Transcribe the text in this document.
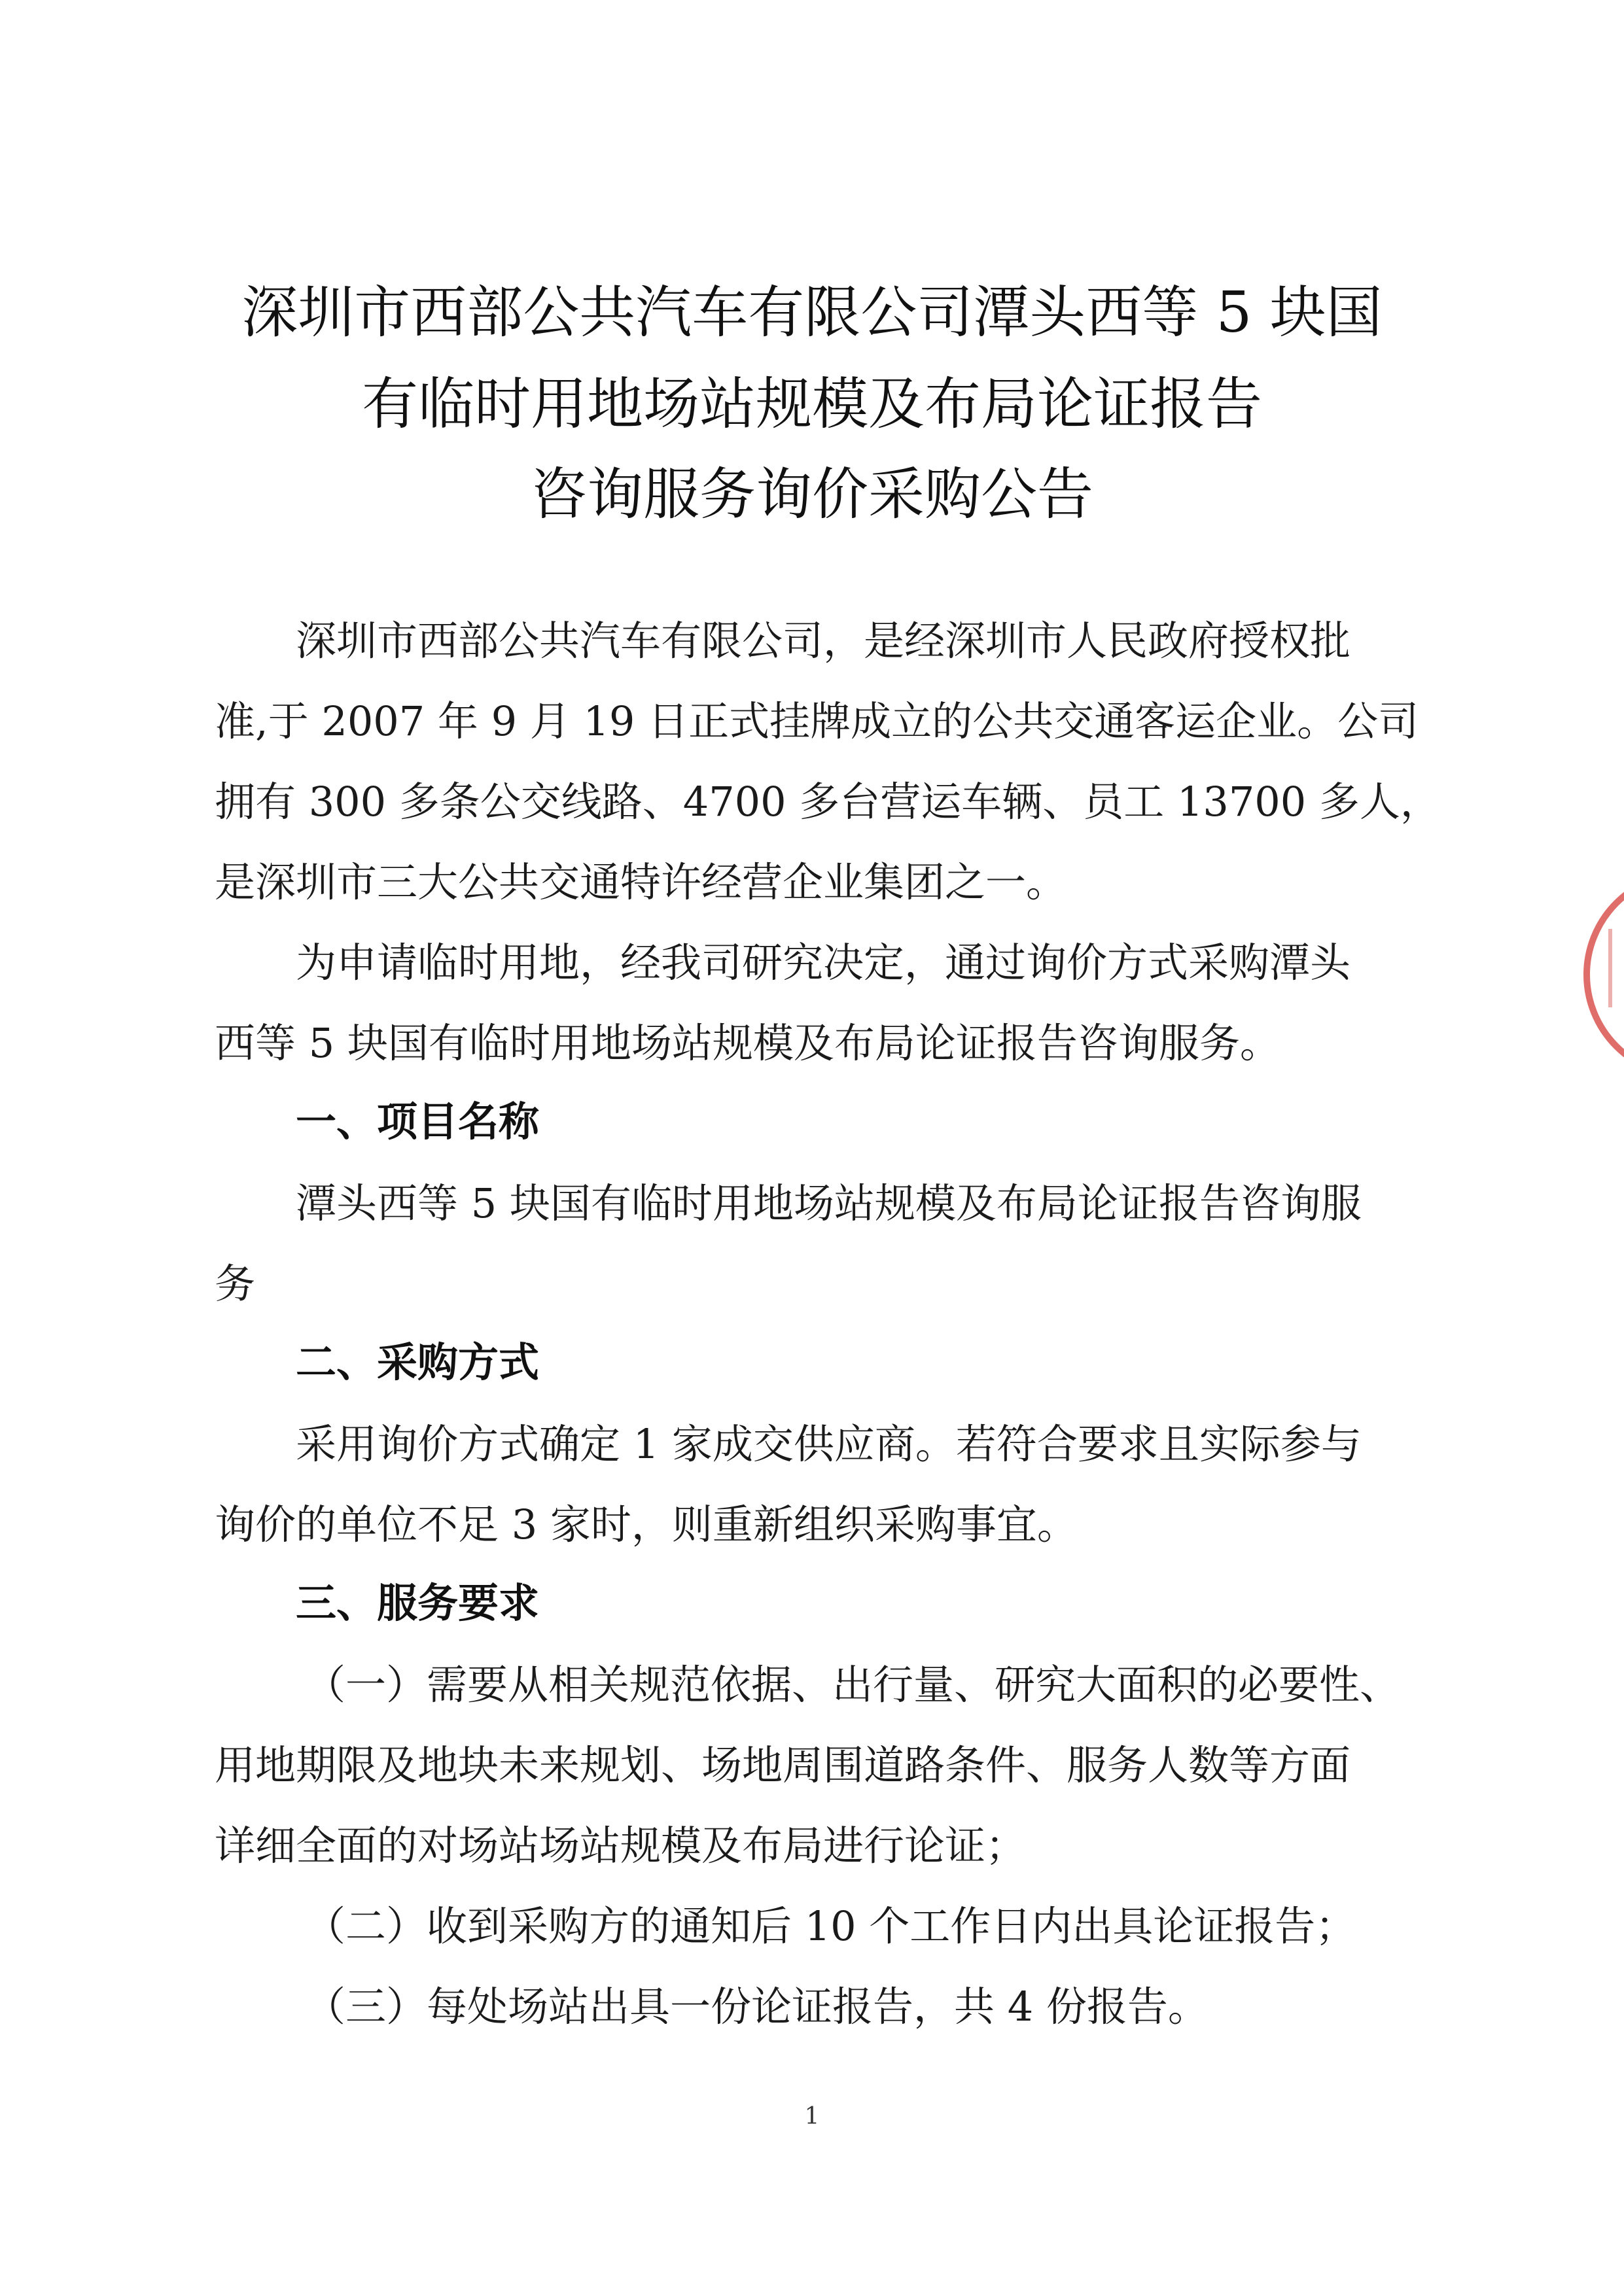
深圳市西部公共汽车有限公司潭头西等 5 块国
有临时用地场站规模及布局论证报告
咨询服务询价采购公告
深圳市西部公共汽车有限公司，是经深圳市人民政府授权批
准,于 2007 年 9 月 19 日正式挂牌成立的公共交通客运企业。公司
拥有 300 多条公交线路、4700 多台营运车辆、员工 13700 多人，
是深圳市三大公共交通特许经营企业集团之一。
为申请临时用地，经我司研究决定，通过询价方式采购潭头
西等 5 块国有临时用地场站规模及布局论证报告咨询服务。
一、项目名称
潭头西等 5 块国有临时用地场站规模及布局论证报告咨询服
务
二、采购方式
采用询价方式确定 1 家成交供应商。若符合要求且实际参与
询价的单位不足 3 家时，则重新组织采购事宜。
三、服务要求
（一）需要从相关规范依据、出行量、研究大面积的必要性、
用地期限及地块未来规划、场地周围道路条件、服务人数等方面
详细全面的对场站场站规模及布局进行论证；
（二）收到采购方的通知后 10 个工作日内出具论证报告；
（三）每处场站出具一份论证报告，共 4 份报告。
1
